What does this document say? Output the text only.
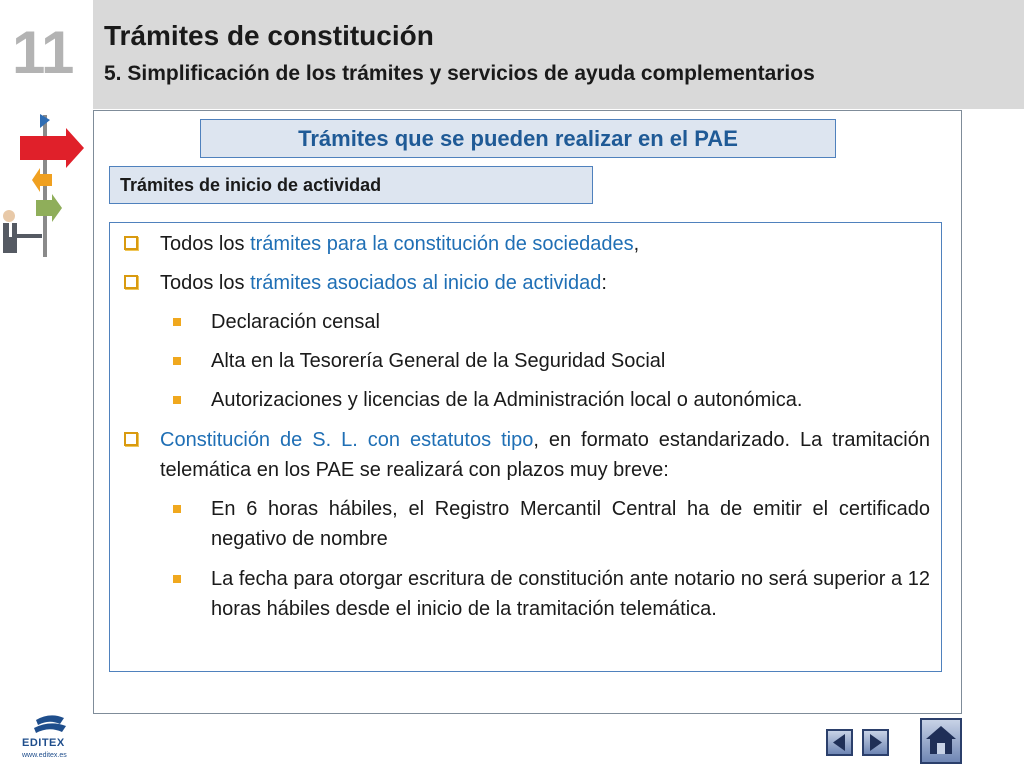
11	Trámites de constitución
5. Simplificación de los trámites y servicios de ayuda complementarios
Trámites que se pueden realizar en el PAE
Trámites de inicio de actividad
Todos los trámites para la constitución de sociedades,
Todos los trámites asociados al inicio de actividad:
Declaración censal
Alta en la Tesorería General de la Seguridad Social
Autorizaciones y licencias de la Administración local o autonómica.
Constitución de S. L. con estatutos tipo, en formato estandarizado. La tramitación telemática en los PAE se realizará con plazos muy breve:
En 6 horas hábiles, el Registro Mercantil Central ha de emitir el certificado negativo de nombre
La fecha para otorgar escritura de constitución ante notario no será superior a 12 horas hábiles desde el inicio de la tramitación telemática.
EDITEX
www.editex.es
